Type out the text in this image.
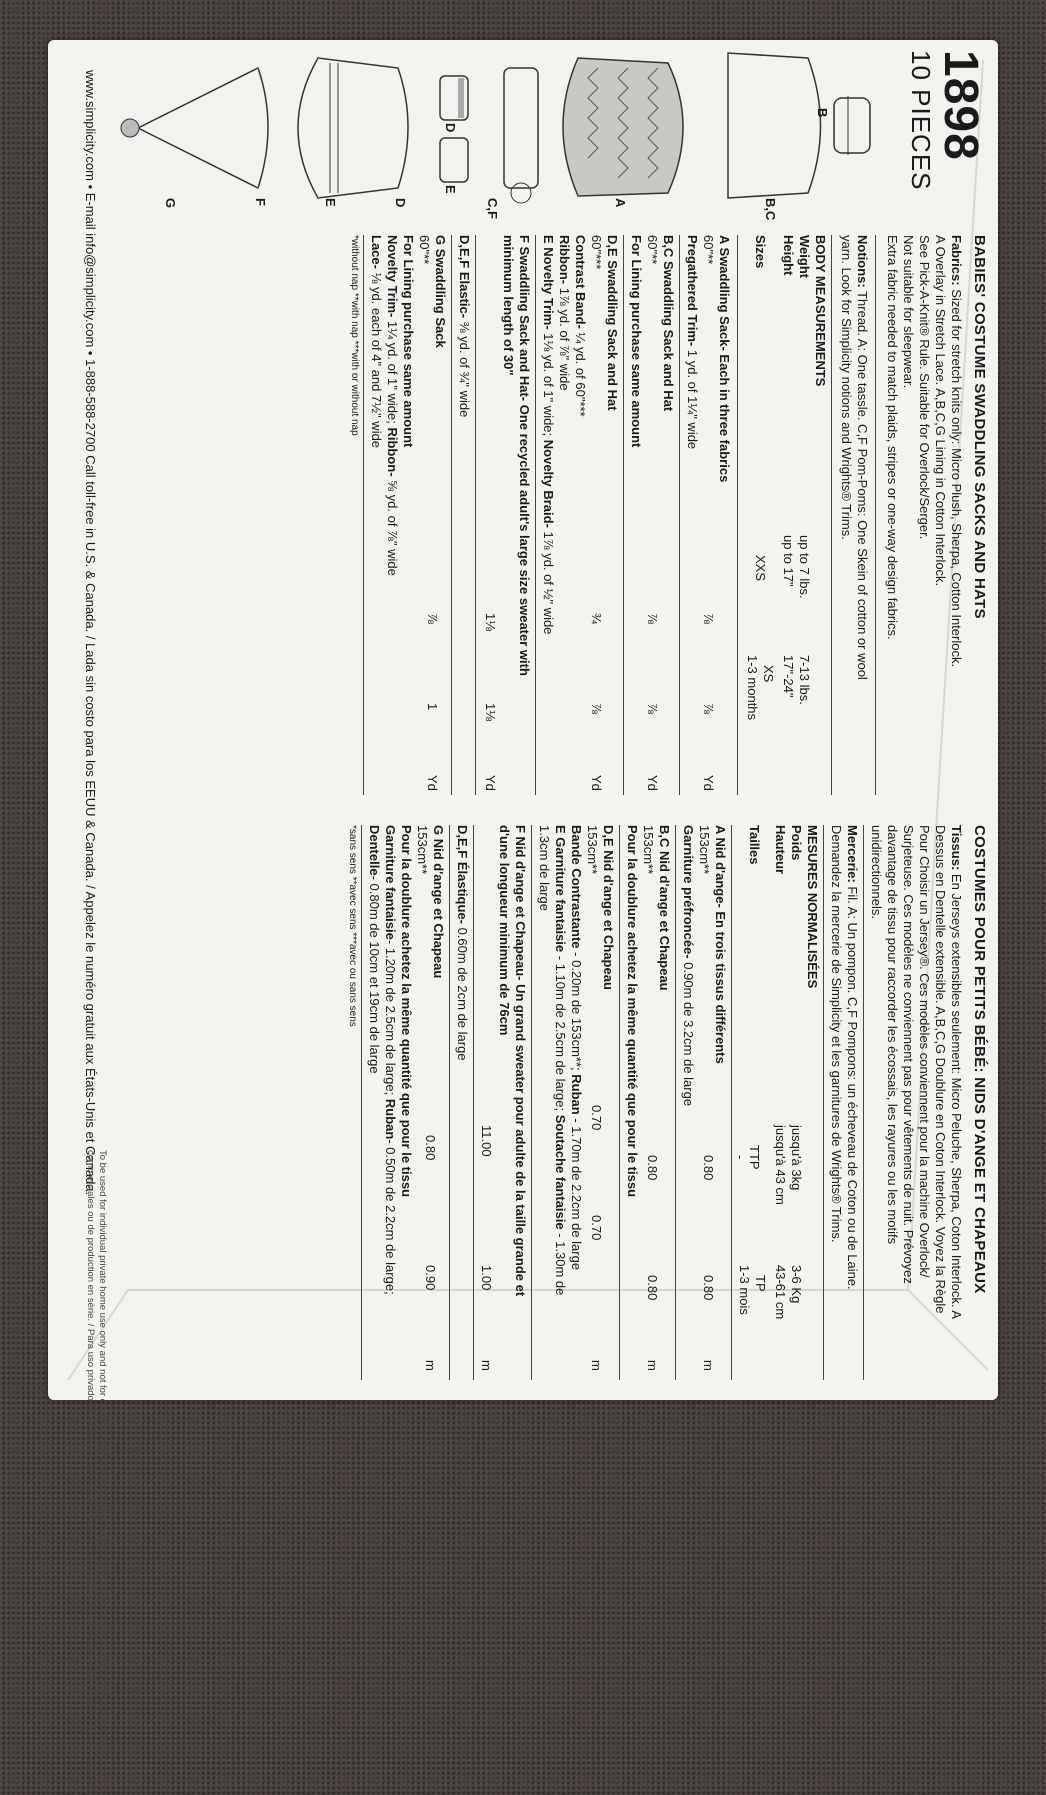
1898
10 PIECES
B
B,C
A
C,F
D
E
D
E
F
G
BABIES' COSTUME SWADDLING SACKS AND HATS
Fabrics: Sized for stretch knits only: Micro Plush, Sherpa, Cotton Interlock.
A Overlay in Stretch Lace. A,B,C,G Lining in Cotton Interlock.
See Pick-A-Knit® Rule. Suitable for Overlock/Serger.
Not suitable for sleepwear.
Extra fabric needed to match plaids, stripes or one-way design fabrics.
Notions: Thread. A: One tassle. C,F Pom-Poms: One Skein of cotton or wool
yarn. Look for Simplicity notions and Wrights® Trims.
BODY MEASUREMENTS
Weight
Height
Sizes
up to 7 lbs.
7-13 lbs.
up to 17"
17"-24"
XXS
XS
1-3 months
A Swaddling Sack- Each in three fabrics
60"**
⅞
⅞
Yd
Pregathered Trim- 1 yd. of 1¼" wide
B,C Swaddling Sack and Hat
60"**
⅞
⅞
Yd
For Lining purchase same amount
D,E Swaddling Sack and Hat
60"***
¾
⅞
Yd
Contrast Band- ¼ yd. of 60"***
Ribbon- 1⅞ yd. of ⅞" wide
E Novelty Trim- 1⅛ yd. of 1" wide; Novelty Braid- 1⅞ yd. of ½" wide
F Swaddling Sack and Hat- One recycled adult's large size sweater with
minimum length of 30"
1⅛
1⅛
Yd
D,E,F Elastic- ⅜ yd. of ¾" wide
G Swaddling Sack
60"**
⅞
1
Yd
For Lining purchase same amount
Novelty Trim- 1¼ yd. of 1" wide; Ribbon- ⅝ yd. of ⅞" wide
Lace- ⅛ yd. each of 4" and 7½" wide
*without nap **with nap ***with or without nap
COSTUMES POUR PETITS BÉBÉ: NIDS D'ANGE ET CHAPEAUX
Tissus: En Jerseys extensibles seulement: Micro Peluche, Sherpa, Coton Interlock. A
Dessus en Dentelle extensible. A,B,C,G Doublure en Coton Interlock. Voyez la Règle
Pour Choisir un Jersey®. Ces modèles conviennent pour la machine Overlock/
Surjeteuse. Ces modèles ne conviennent pas pour vêtements de nuit. Prévoyez
davantage de tissu pour raccorder les écossais, les rayures ou les motifs
unidirectionnels.
Mercerie: Fil. A: Un pompon. C,F Pompons: un écheveau de Coton ou de Laine.
Demandez la mercerie de Simplicity et les garnitures de Wrights® Trims.
MESURES NORMALISÉES
Poids
Hauteur
Tailles
jusqu'à 3kg
3-6 Kg
jusqu'à 43 cm
43-61 cm
TTP
TP
1-3 mois
-
A Nid d'ange- En trois tissus différents
153cm**
0.80
0.80
m
Garniture préfroncée- 0.90m de 3.2cm de large
B,C Nid d'ange et Chapeau
153cm**
0.80
0.80
m
Pour la doublure achetez la même quantité que pour le tissu
D,E Nid d'ange et Chapeau
153cm**
0.70
0.70
m
Bande Contrastante - 0.20m de 153cm**; Ruban - 1.70m de 2.2cm de large
E Garniture fantaisie - 1.10m de 2.5cm de large; Soutache fantaisie - 1.30m de
1.3cm de large
F Nid d'ange et Chapeau- Un grand sweater pour adulte de la taille grande et
d'une longueur minimum de 76cm
11.00
1.00
m
D,E,F Élastique- 0.60m de 2cm de large
G Nid d'ange et Chapeau
153cm**
0.80
0.90
m
Pour la doublure achetez la même quantité que pour le tissu
Garniture fantaisie- 1.20m de 2.5cm de large; Ruban- 0.50m de 2.2cm de large;
Dentelle- 0.80m de 10cm et 19cm de large
*sans sens **avec sens ***avec ou sans sens
www.simplicity.com • E-mail info@simplicity.com • 1-888-588-2700 Call toll-free in U.S. & Canada. / Lada sin costo para los EEUU & Canada. / Appelez le numéro gratuit aux États-Unis et Canada.
To be used for individual private home use only and not for commercial or manufacturing purposes. / A usage privé seulement et non à des fins
commerciales ou de production en série. / Para uso privado solamente, no se puede utilizar con propósitos de comercialización o de producción en serie.
